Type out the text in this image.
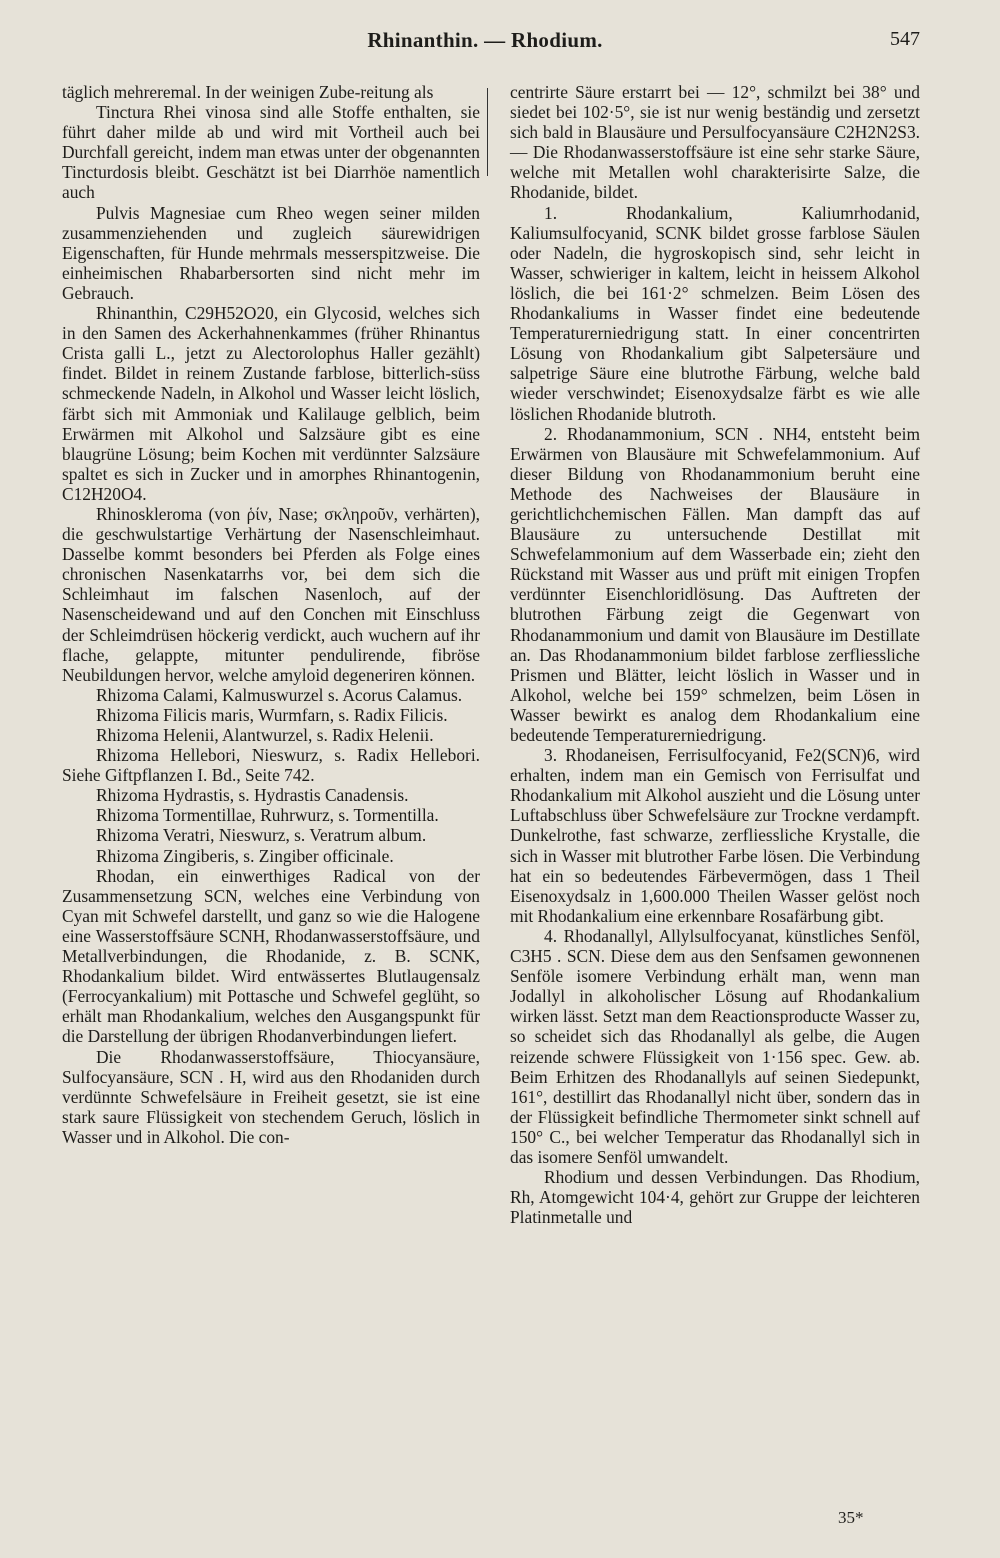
Rhinanthin. — Rhodium.	547

täglich mehreremal. In der weinigen Zube-reitung als

Tinctura Rhei vinosa sind alle Stoffe enthalten, sie führt daher milde ab und wird mit Vortheil auch bei Durchfall gereicht, indem man etwas unter der obgenannten Tincturdosis bleibt. Geschätzt ist bei Diarrhöe namentlich auch

Pulvis Magnesiae cum Rheo wegen seiner milden zusammenziehenden und zugleich säurewidrigen Eigenschaften, für Hunde mehrmals messerspitzweise. Die einheimischen Rhabarbersorten sind nicht mehr im Gebrauch.

Rhinanthin, C29H52O20, ein Glycosid, welches sich in den Samen des Ackerhahnenkammes (früher Rhinantus Crista galli L., jetzt zu Alectorolophus Haller gezählt) findet. Bildet in reinem Zustande farblose, bitterlich-süss schmeckende Nadeln, in Alkohol und Wasser leicht löslich, färbt sich mit Ammoniak und Kalilauge gelblich, beim Erwärmen mit Alkohol und Salzsäure gibt es eine blaugrüne Lösung; beim Kochen mit verdünnter Salzsäure spaltet es sich in Zucker und in amorphes Rhinantogenin, C12H20O4.

Rhinoskleroma (von ῥίν, Nase; σκληροῦν, verhärten), die geschwulstartige Verhärtung der Nasenschleimhaut. Dasselbe kommt besonders bei Pferden als Folge eines chronischen Nasenkatarrhs vor, bei dem sich die Schleimhaut im falschen Nasenloch, auf der Nasenscheidewand und auf den Conchen mit Einschluss der Schleimdrüsen höckerig verdickt, auch wuchern auf ihr flache, gelappte, mitunter pendulirende, fibröse Neubildungen hervor, welche amyloid degeneriren können.

Rhizoma Calami, Kalmuswurzel s. Acorus Calamus.

Rhizoma Filicis maris, Wurmfarn, s. Radix Filicis.

Rhizoma Helenii, Alantwurzel, s. Radix Helenii.

Rhizoma Hellebori, Nieswurz, s. Radix Hellebori. Siehe Giftpflanzen I. Bd., Seite 742.

Rhizoma Hydrastis, s. Hydrastis Canadensis.

Rhizoma Tormentillae, Ruhrwurz, s. Tormentilla.

Rhizoma Veratri, Nieswurz, s. Veratrum album.

Rhizoma Zingiberis, s. Zingiber officinale.

Rhodan, ein einwerthiges Radical von der Zusammensetzung SCN, welches eine Verbindung von Cyan mit Schwefel darstellt, und ganz so wie die Halogene eine Wasserstoffsäure SCNH, Rhodanwasserstoffsäure, und Metallverbindungen, die Rhodanide, z. B. SCNK, Rhodankalium bildet. Wird entwässertes Blutlaugensalz (Ferrocyankalium) mit Pottasche und Schwefel geglüht, so erhält man Rhodankalium, welches den Ausgangspunkt für die Darstellung der übrigen Rhodanverbindungen liefert.

Die Rhodanwasserstoffsäure, Thiocyansäure, Sulfocyansäure, SCN . H, wird aus den Rhodaniden durch verdünnte Schwefelsäure in Freiheit gesetzt, sie ist eine stark saure Flüssigkeit von stechendem Geruch, löslich in Wasser und in Alkohol. Die con-

centrirte Säure erstarrt bei — 12°, schmilzt bei 38° und siedet bei 102·5°, sie ist nur wenig beständig und zersetzt sich bald in Blausäure und Persulfocyansäure C2H2N2S3. — Die Rhodanwasserstoffsäure ist eine sehr starke Säure, welche mit Metallen wohl charakterisirte Salze, die Rhodanide, bildet.

1. Rhodankalium, Kaliumrhodanid, Kaliumsulfocyanid, SCNK bildet grosse farblose Säulen oder Nadeln, die hygroskopisch sind, sehr leicht in Wasser, schwieriger in kaltem, leicht in heissem Alkohol löslich, die bei 161·2° schmelzen. Beim Lösen des Rhodankaliums in Wasser findet eine bedeutende Temperaturerniedrigung statt. In einer concentrirten Lösung von Rhodankalium gibt Salpetersäure und salpetrige Säure eine blutrothe Färbung, welche bald wieder verschwindet; Eisenoxydsalze färbt es wie alle löslichen Rhodanide blutroth.

2. Rhodanammonium, SCN . NH4, entsteht beim Erwärmen von Blausäure mit Schwefelammonium. Auf dieser Bildung von Rhodanammonium beruht eine Methode des Nachweises der Blausäure in gerichtlichchemischen Fällen. Man dampft das auf Blausäure zu untersuchende Destillat mit Schwefelammonium auf dem Wasserbade ein; zieht den Rückstand mit Wasser aus und prüft mit einigen Tropfen verdünnter Eisenchloridlösung. Das Auftreten der blutrothen Färbung zeigt die Gegenwart von Rhodanammonium und damit von Blausäure im Destillate an. Das Rhodanammonium bildet farblose zerfliessliche Prismen und Blätter, leicht löslich in Wasser und in Alkohol, welche bei 159° schmelzen, beim Lösen in Wasser bewirkt es analog dem Rhodankalium eine bedeutende Temperaturerniedrigung.

3. Rhodaneisen, Ferrisulfocyanid, Fe2(SCN)6, wird erhalten, indem man ein Gemisch von Ferrisulfat und Rhodankalium mit Alkohol auszieht und die Lösung unter Luftabschluss über Schwefelsäure zur Trockne verdampft. Dunkelrothe, fast schwarze, zerfliessliche Krystalle, die sich in Wasser mit blutrother Farbe lösen. Die Verbindung hat ein so bedeutendes Färbevermögen, dass 1 Theil Eisenoxydsalz in 1,600.000 Theilen Wasser gelöst noch mit Rhodankalium eine erkennbare Rosafärbung gibt.

4. Rhodanallyl, Allylsulfocyanat, künstliches Senföl, C3H5 . SCN. Diese dem aus den Senfsamen gewonnenen Senföle isomere Verbindung erhält man, wenn man Jodallyl in alkoholischer Lösung auf Rhodankalium wirken lässt. Setzt man dem Reactionsproducte Wasser zu, so scheidet sich das Rhodanallyl als gelbe, die Augen reizende schwere Flüssigkeit von 1·156 spec. Gew. ab. Beim Erhitzen des Rhodanallyls auf seinen Siedepunkt, 161°, destillirt das Rhodanallyl nicht über, sondern das in der Flüssigkeit befindliche Thermometer sinkt schnell auf 150° C., bei welcher Temperatur das Rhodanallyl sich in das isomere Senföl umwandelt.

Rhodium und dessen Verbindungen. Das Rhodium, Rh, Atomgewicht 104·4, gehört zur Gruppe der leichteren Platinmetalle und

35*
